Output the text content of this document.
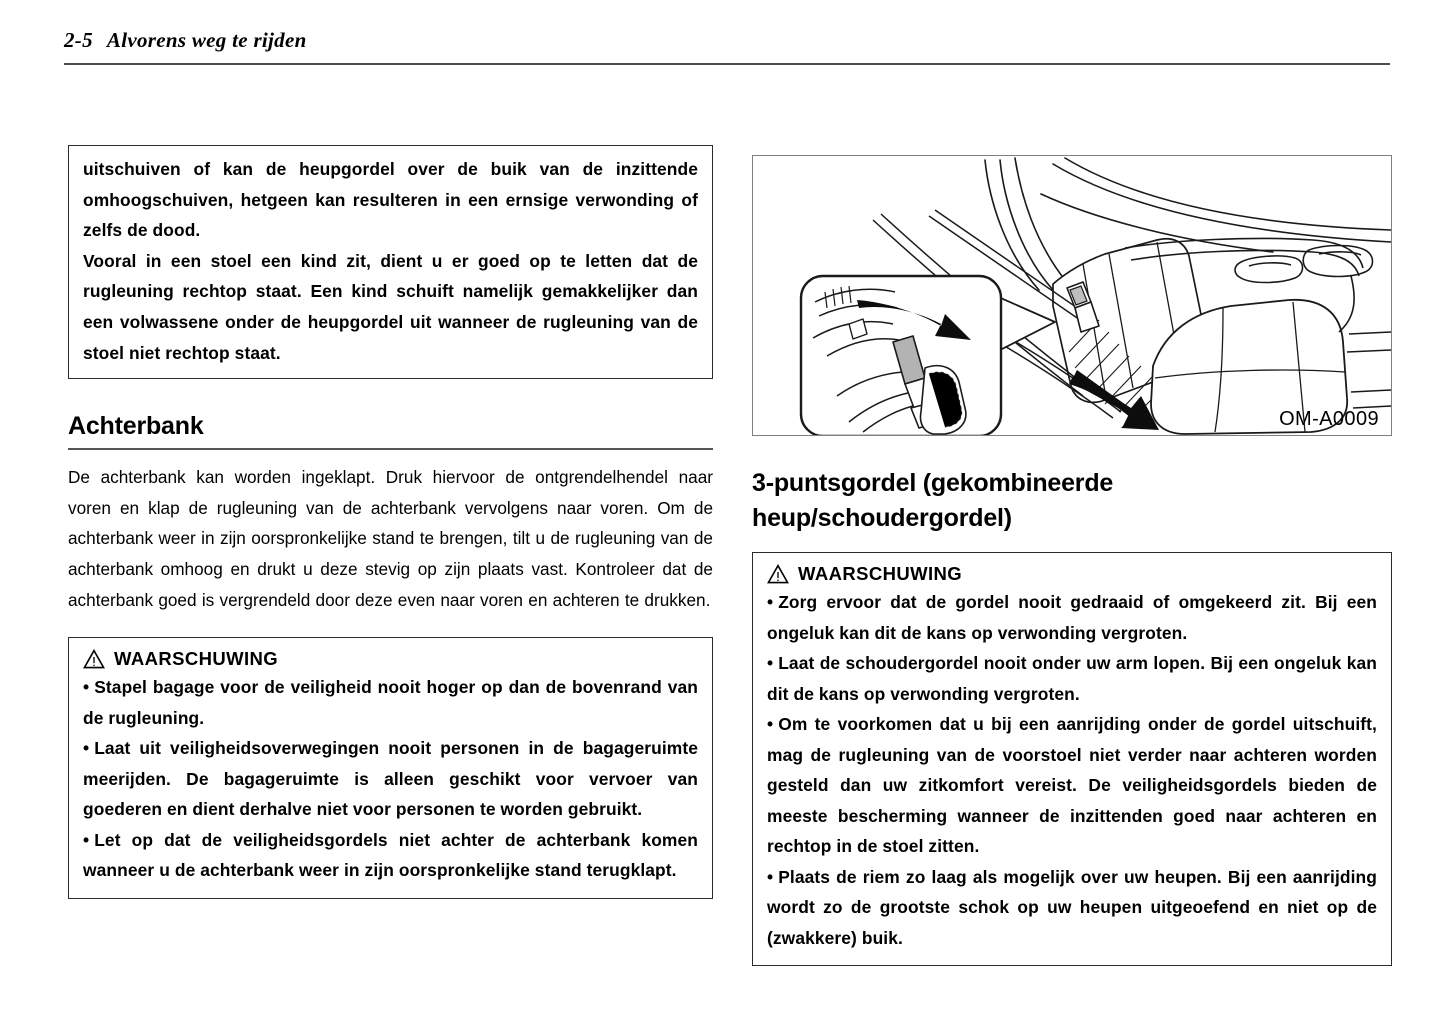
2-5 Alvorens weg te rijden

uitschuiven of kan de heupgordel over de buik van de inzittende omhoogschuiven, hetgeen kan resulteren in een ernsige verwonding of zelfs de dood.

Vooral in een stoel een kind zit, dient u er goed op te letten dat de rugleuning rechtop staat. Een kind schuift namelijk gemakkelijker dan een volwassene onder de heupgordel uit wanneer de rugleuning van de stoel niet rechtop staat.

Achterbank

De achterbank kan worden ingeklapt. Druk hiervoor de ontgrendelhendel naar voren en klap de rugleuning van de achterbank vervolgens naar voren. Om de achterbank weer in zijn oorspronkelijke stand te brengen, tilt u de rugleuning van de achterbank omhoog en drukt u deze stevig op zijn plaats vast. Kontroleer dat de achterbank goed is vergrendeld door deze even naar voren en achteren te drukken.

WAARSCHUWING

• Stapel bagage voor de veiligheid nooit hoger op dan de bovenrand van de rugleuning.

• Laat uit veiligheidsoverwegingen nooit personen in de bagageruimte meerijden. De bagageruimte is alleen geschikt voor vervoer van goederen en dient derhalve niet voor personen te worden gebruikt.

• Let op dat de veiligheidsgordels niet achter de achterbank komen wanneer u de achterbank weer in zijn oorspronkelijke stand terugklapt.

OM-A0009
3-puntsgordel (gekombineerde
heup/schoudergordel)
WAARSCHUWING

• Zorg ervoor dat de gordel nooit gedraaid of omgekeerd zit. Bij een ongeluk kan dit de kans op verwonding vergroten.

• Laat de schoudergordel nooit onder uw arm lopen. Bij een ongeluk kan dit de kans op verwonding vergroten.

• Om te voorkomen dat u bij een aanrijding onder de gordel uitschuift, mag de rugleuning van de voorstoel niet verder naar achteren worden gesteld dan uw zitkomfort vereist. De veiligheidsgordels bieden de meeste bescherming wanneer de inzittenden goed naar achteren en rechtop in de stoel zitten.

• Plaats de riem zo laag als mogelijk over uw heupen. Bij een aanrijding wordt zo de grootste schok op uw heupen uitgeoefend en niet op de (zwakkere) buik.
